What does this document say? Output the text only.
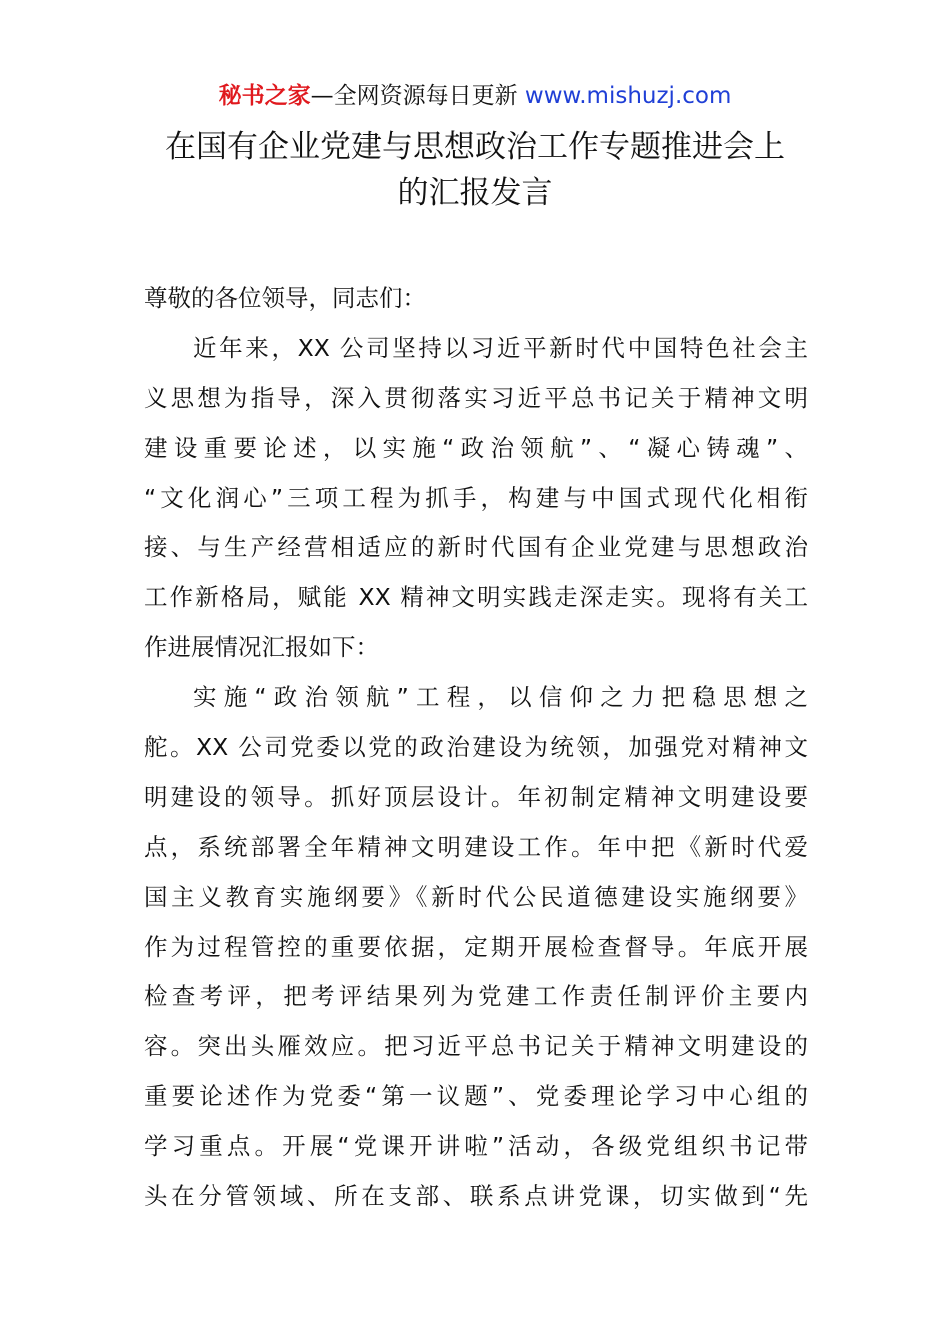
秘书之家—全网资源每日更新 www.mishuzj.com
在国有企业党建与思想政治工作专题推进会上
的汇报发言
尊敬的各位领导，同志们：
近年来，XX 公司坚持以习近平新时代中国特色社会主
义思想为指导，深入贯彻落实习近平总书记关于精神文明
建设重要论述，以实施“政治领航”、“凝心铸魂”、
“文化润心”三项工程为抓手，构建与中国式现代化相衔
接、与生产经营相适应的新时代国有企业党建与思想政治
工作新格局，赋能 XX 精神文明实践走深走实。现将有关工
作进展情况汇报如下：
实施“政治领航”工程，以信仰之力把稳思想之
舵。XX 公司党委以党的政治建设为统领，加强党对精神文
明建设的领导。抓好顶层设计。年初制定精神文明建设要
点，系统部署全年精神文明建设工作。年中把《新时代爱
国主义教育实施纲要》《新时代公民道德建设实施纲要》
作为过程管控的重要依据，定期开展检查督导。年底开展
检查考评，把考评结果列为党建工作责任制评价主要内
容。突出头雁效应。把习近平总书记关于精神文明建设的
重要论述作为党委“第一议题”、党委理论学习中心组的
学习重点。开展“党课开讲啦”活动，各级党组织书记带
头在分管领域、所在支部、联系点讲党课，切实做到“先
